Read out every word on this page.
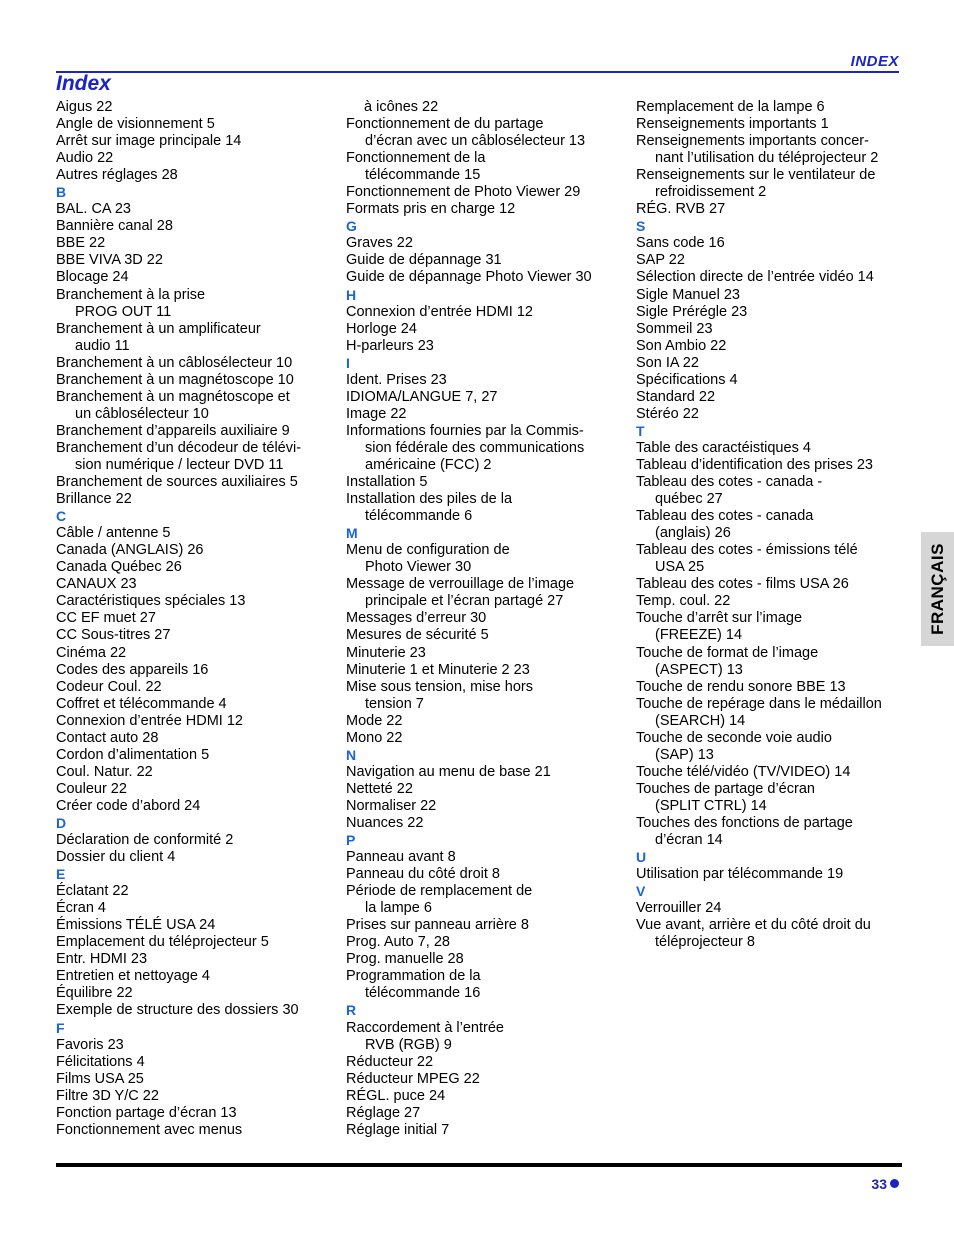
INDEX
Index
Aigus 22
Angle de visionnement 5
Arrêt sur image principale 14
Audio 22
Autres réglages 28
B
BAL. CA 23
Bannière canal 28
BBE 22
BBE VIVA 3D 22
Blocage 24
Branchement à la prise
PROG OUT 11
Branchement à un amplificateur
audio 11
Branchement à un câblosélecteur 10
Branchement à un magnétoscope 10
Branchement à un magnétoscope et
un câblosélecteur 10
Branchement d’appareils auxiliaire 9
Branchement d’un décodeur de télévi-
sion numérique / lecteur DVD 11
Branchement de sources auxiliaires 5
Brillance 22
C
Câble / antenne 5
Canada (ANGLAIS) 26
Canada Québec 26
CANAUX 23
Caractéristiques spéciales 13
CC EF muet 27
CC Sous-titres 27
Cinéma 22
Codes des appareils 16
Codeur Coul. 22
Coffret et télécommande 4
Connexion d’entrée HDMI 12
Contact auto 28
Cordon d’alimentation 5
Coul. Natur. 22
Couleur 22
Créer code d’abord 24
D
Déclaration de conformité 2
Dossier du client 4
E
Éclatant 22
Écran 4
Émissions TÉLÉ USA 24
Emplacement du téléprojecteur 5
Entr. HDMI 23
Entretien et nettoyage 4
Équilibre 22
Exemple de structure des dossiers 30
F
Favoris 23
Félicitations 4
Films USA 25
Filtre 3D Y/C 22
Fonction partage d’écran 13
Fonctionnement avec menus
à icônes 22
Fonctionnement de du partage
d’écran avec un câblosélecteur 13
Fonctionnement de la
télécommande 15
Fonctionnement de Photo Viewer 29
Formats pris en charge 12
G
Graves 22
Guide de dépannage 31
Guide de dépannage Photo Viewer 30
H
Connexion d’entrée HDMI 12
Horloge 24
H-parleurs 23
I
Ident. Prises 23
IDIOMA/LANGUE 7, 27
Image 22
Informations fournies par la Commis-
sion fédérale des communications
américaine (FCC) 2
Installation 5
Installation des piles de la
télécommande 6
M
Menu de configuration de
Photo Viewer 30
Message de verrouillage de l’image
principale et l’écran partagé 27
Messages d’erreur 30
Mesures de sécurité 5
Minuterie 23
Minuterie 1 et Minuterie 2 23
Mise sous tension, mise hors
tension 7
Mode 22
Mono 22
N
Navigation au menu de base 21
Netteté 22
Normaliser 22
Nuances 22
P
Panneau avant 8
Panneau du côté droit 8
Période de remplacement de
la lampe 6
Prises sur panneau arrière 8
Prog. Auto 7, 28
Prog. manuelle 28
Programmation de la
télécommande 16
R
Raccordement à l’entrée
RVB (RGB) 9
Réducteur 22
Réducteur MPEG 22
RÉGL. puce 24
Réglage 27
Réglage initial 7
Remplacement de la lampe 6
Renseignements importants 1
Renseignements importants concer-
nant l’utilisation du téléprojecteur 2
Renseignements sur le ventilateur de
refroidissement 2
RÉG. RVB 27
S
Sans code 16
SAP 22
Sélection directe de l’entrée vidéo 14
Sigle Manuel 23
Sigle Prérégle 23
Sommeil 23
Son Ambio 22
Son IA 22
Spécifications 4
Standard 22
Stéréo 22
T
Table des caractéistiques 4
Tableau d’identification des prises 23
Tableau des cotes - canada -
québec 27
Tableau des cotes - canada
(anglais) 26
Tableau des cotes - émissions télé
USA 25
Tableau des cotes - films USA 26
Temp. coul. 22
Touche d’arrêt sur l’image
(FREEZE) 14
Touche de format de l’image
(ASPECT) 13
Touche de rendu sonore BBE 13
Touche de repérage dans le médaillon
(SEARCH) 14
Touche de seconde voie audio
(SAP) 13
Touche télé/vidéo (TV/VIDEO) 14
Touches de partage d’écran
(SPLIT CTRL) 14
Touches des fonctions de partage
d’écran 14
U
Utilisation par télécommande 19
V
Verrouiller 24
Vue avant, arrière et du côté droit du
téléprojecteur 8
FRANÇAIS
33
